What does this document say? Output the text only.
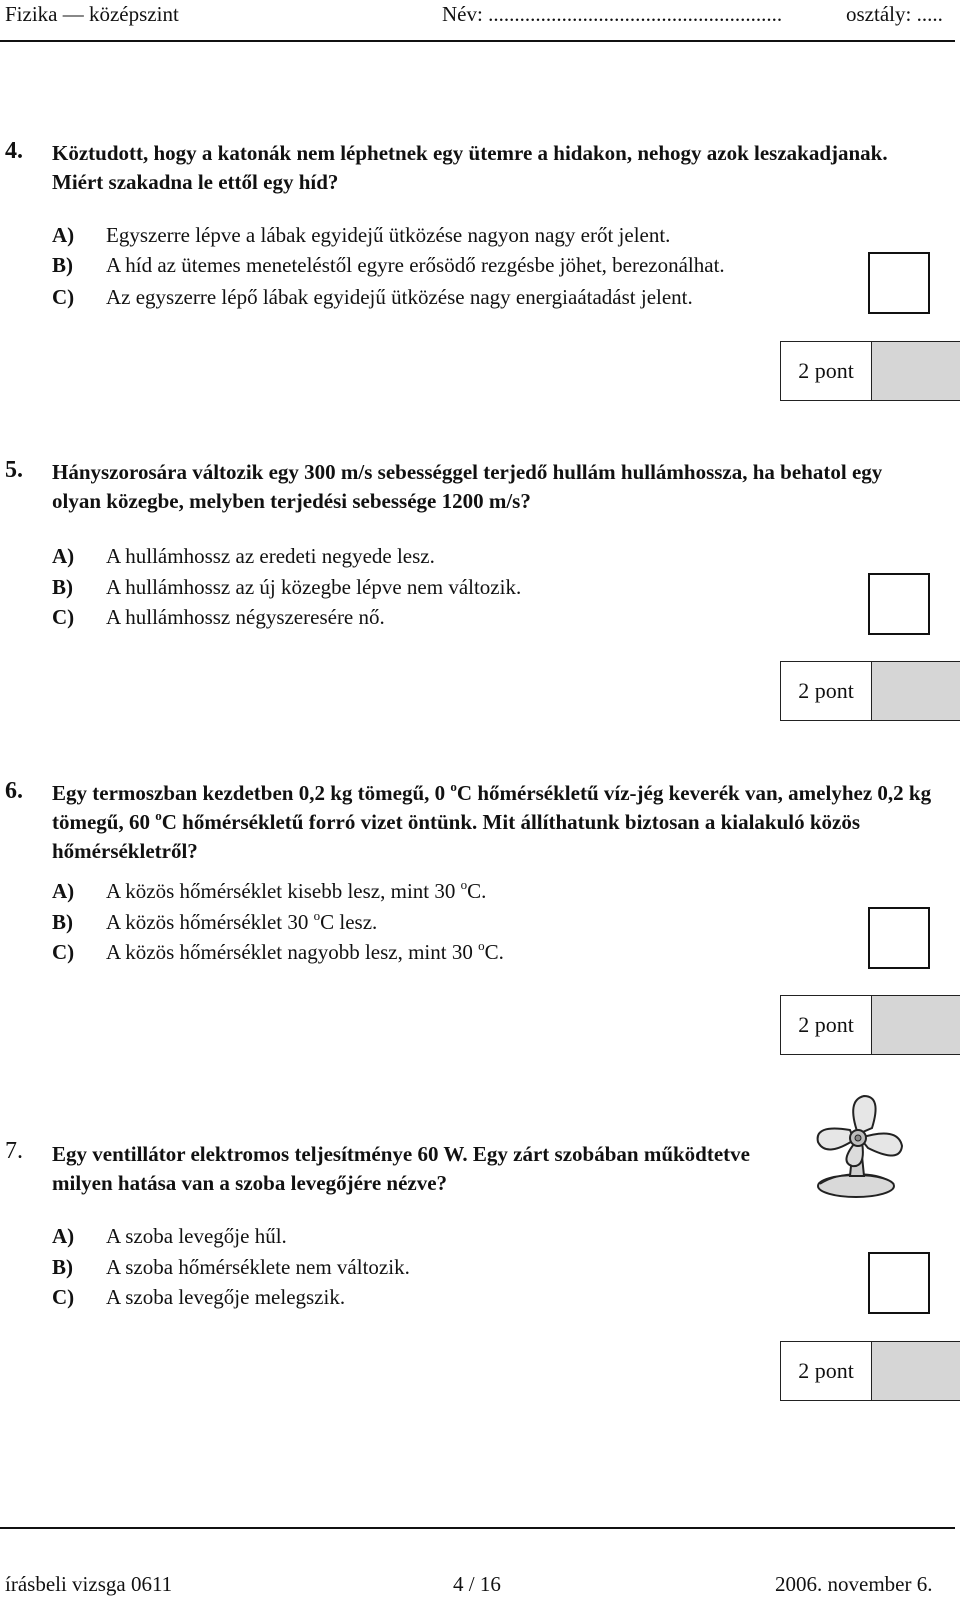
Fizika — középszint	Név: ........................................................	osztály: .....
4. Köztudott, hogy a katonák nem léphetnek egy ütemre a hidakon, nehogy azok leszakadjanak. Miért szakadna le ettől egy híd?
A) Egyszerre lépve a lábak egyidejű ütközése nagyon nagy erőt jelent.
B) A híd az ütemes meneteléstől egyre erősödő rezgésbe jöhet, berezonálhat.
C) Az egyszerre lépő lábak egyidejű ütközése nagy energiaátadást jelent.
2 pont
5. Hányszorosára változik egy 300 m/s sebességgel terjedő hullám hullámhossza, ha behatol egy olyan közegbe, melyben terjedési sebessége 1200 m/s?
A) A hullámhossz az eredeti negyede lesz.
B) A hullámhossz az új közegbe lépve nem változik.
C) A hullámhossz négyszeresére nő.
2 pont
6. Egy termoszban kezdetben 0,2 kg tömegű, 0 $^o$C hőmérsékletű víz-jég keverék van, amelyhez 0,2 kg tömegű, 60 $^o$C hőmérsékletű forró vizet öntünk. Mit állíthatunk biztosan a kialakuló közös hőmérsékletről?
A) A közös hőmérséklet kisebb lesz, mint 30 $^o$C.
B) A közös hőmérséklet 30 $^o$C lesz.
C) A közös hőmérséklet nagyobb lesz, mint 30 $^o$C.
2 pont
7. Egy ventillátor elektromos teljesítménye 60 W. Egy zárt szobában működtetve milyen hatása van a szoba levegőjére nézve?
A) A szoba levegője hűl.
B) A szoba hőmérséklete nem változik.
C) A szoba levegője melegszik.
2 pont
írásbeli vizsga 0611	4 / 16	2006. november 6.
